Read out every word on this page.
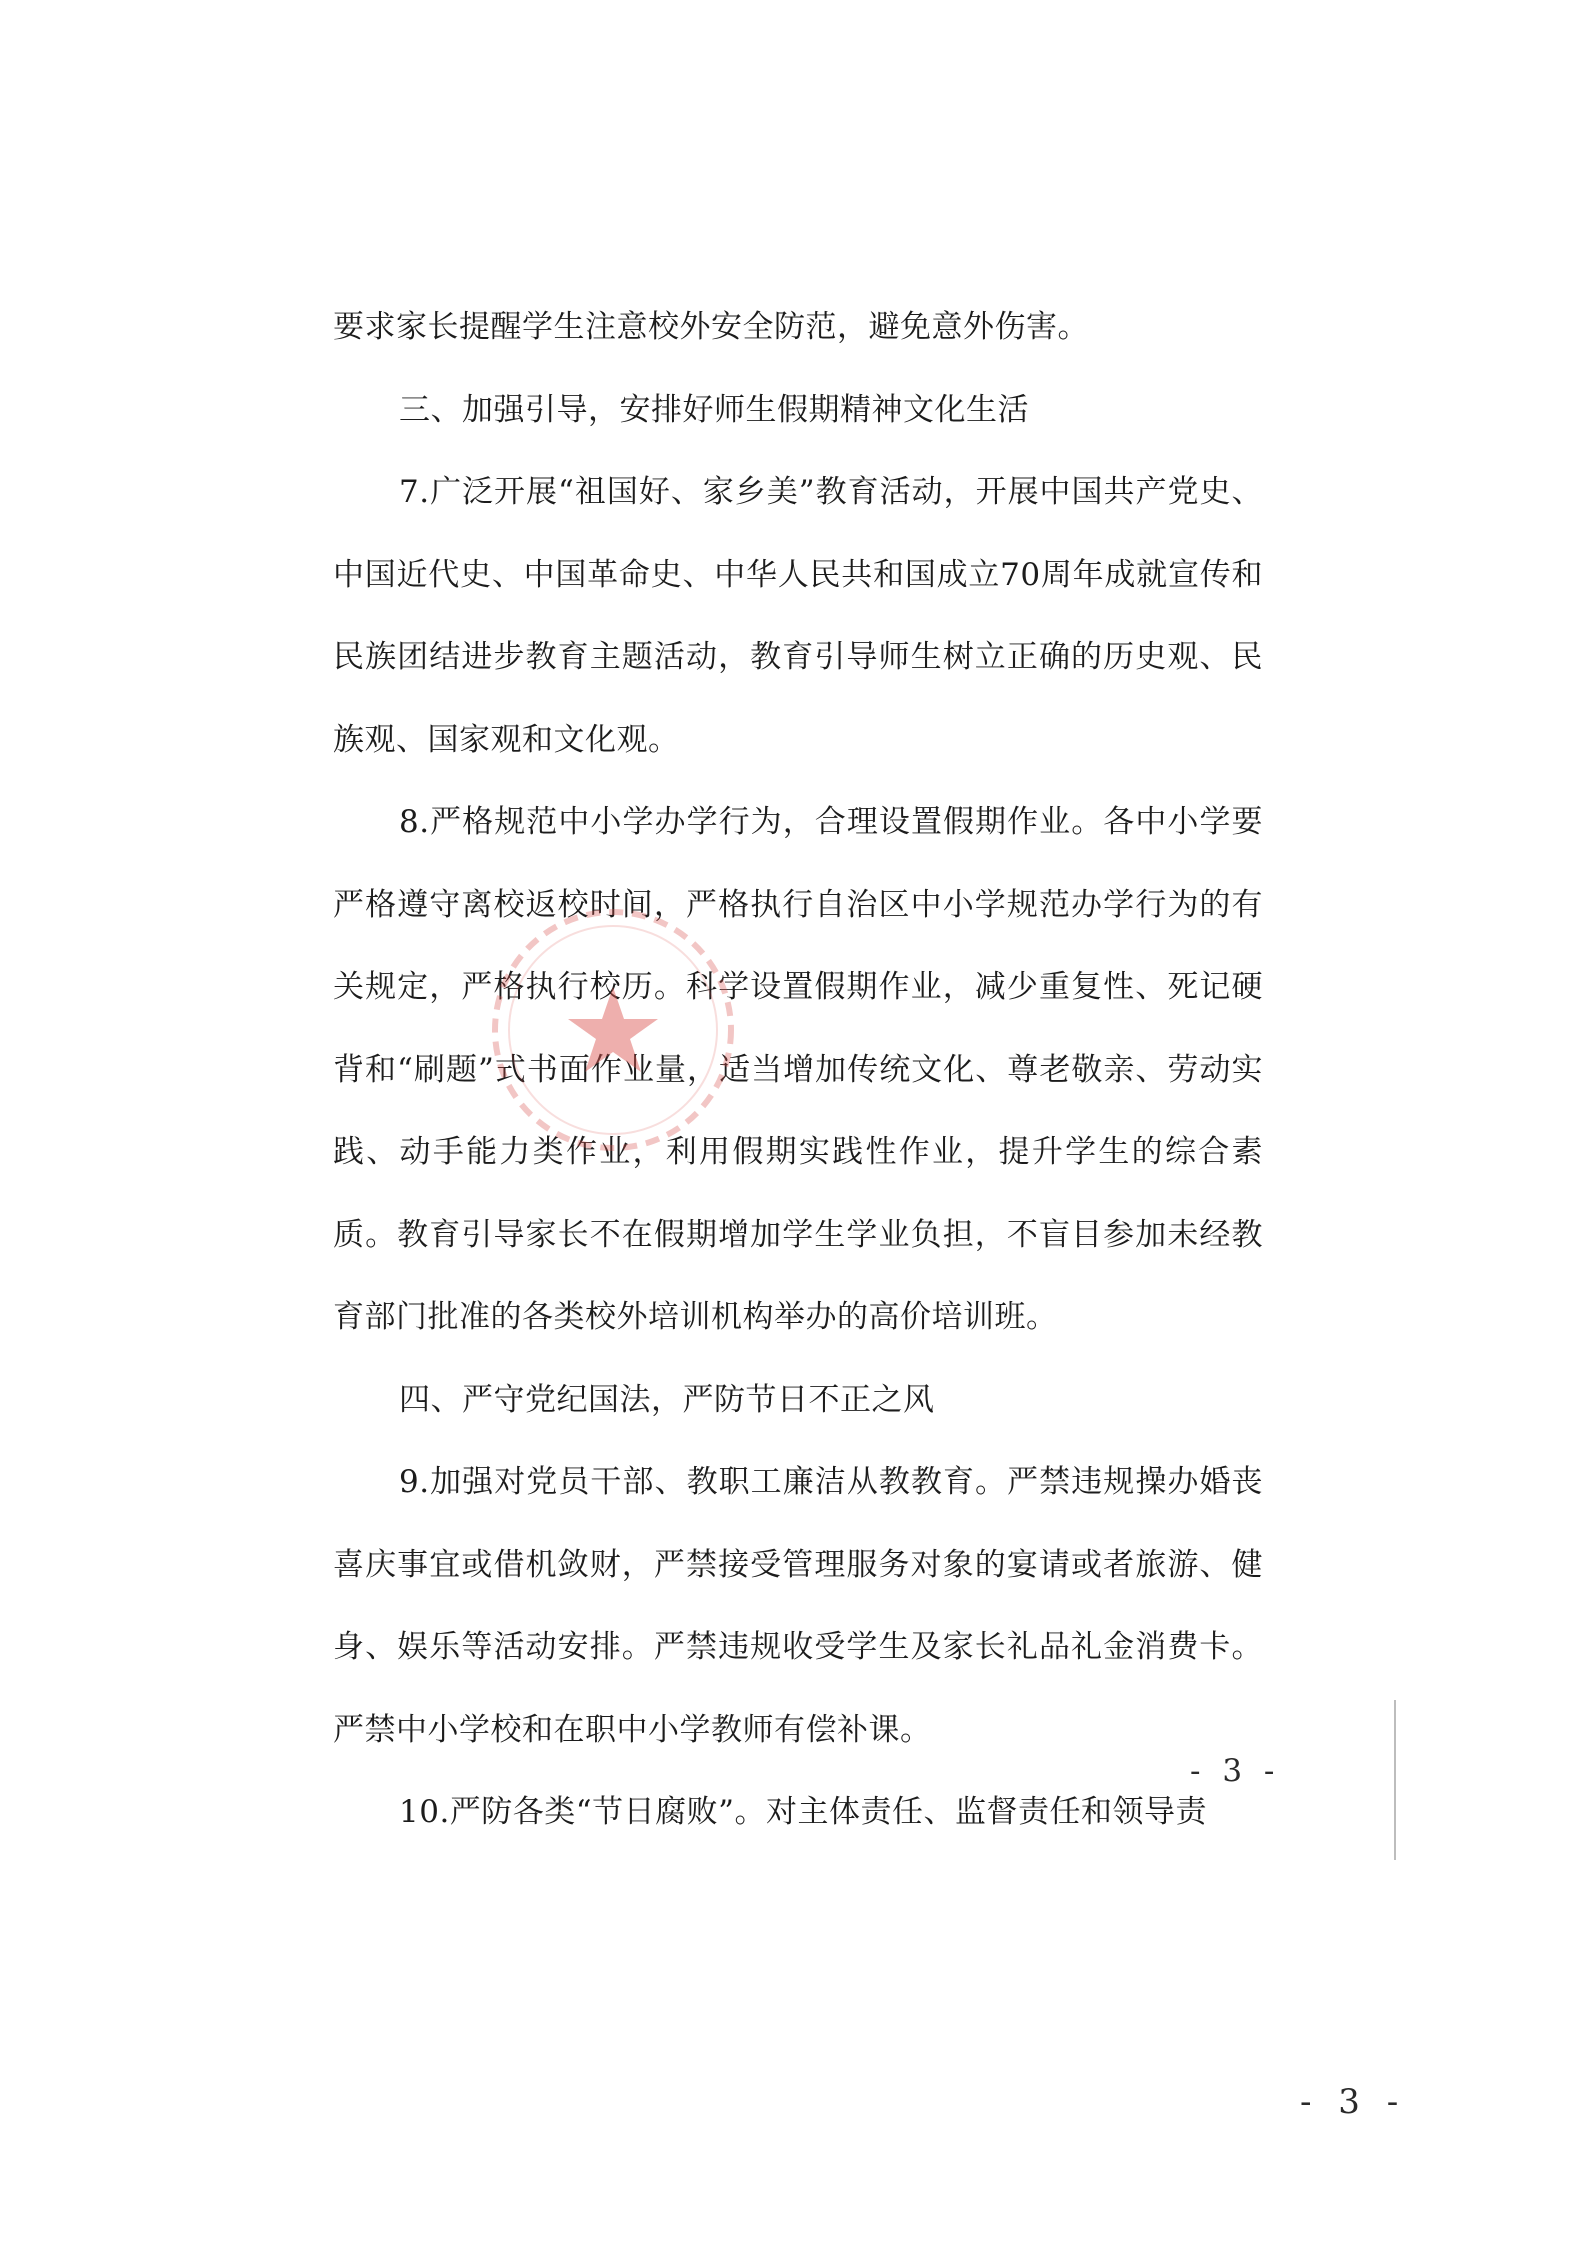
要求家长提醒学生注意校外安全防范，避免意外伤害。

三、加强引导，安排好师生假期精神文化生活

7.广泛开展“祖国好、家乡美”教育活动，开展中国共产党史、中国近代史、中国革命史、中华人民共和国成立70周年成就宣传和民族团结进步教育主题活动，教育引导师生树立正确的历史观、民族观、国家观和文化观。

8.严格规范中小学办学行为，合理设置假期作业。各中小学要严格遵守离校返校时间，严格执行自治区中小学规范办学行为的有关规定，严格执行校历。科学设置假期作业，减少重复性、死记硬背和“刷题”式书面作业量，适当增加传统文化、尊老敬亲、劳动实践、动手能力类作业，利用假期实践性作业，提升学生的综合素质。教育引导家长不在假期增加学生学业负担，不盲目参加未经教育部门批准的各类校外培训机构举办的高价培训班。

四、严守党纪国法，严防节日不正之风

9.加强对党员干部、教职工廉洁从教教育。严禁违规操办婚丧喜庆事宜或借机敛财，严禁接受管理服务对象的宴请或者旅游、健身、娱乐等活动安排。严禁违规收受学生及家长礼品礼金消费卡。严禁中小学校和在职中小学教师有偿补课。

10.严防各类“节日腐败”。对主体责任、监督责任和领导责

- 3 -
- 3 -
